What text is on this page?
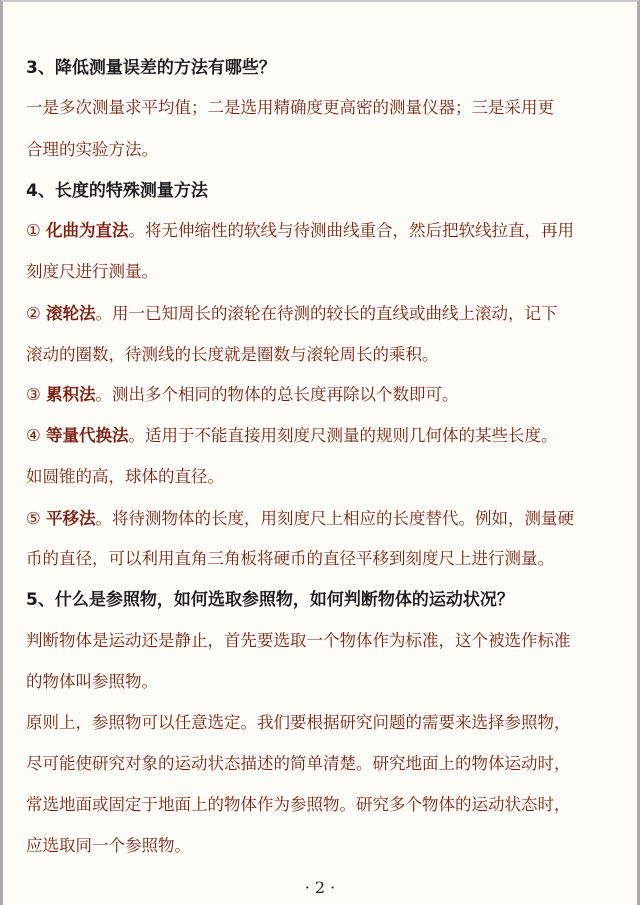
3、降低测量误差的方法有哪些？
一是多次测量求平均值；二是选用精确度更高密的测量仪器；三是采用更
合理的实验方法。
4、长度的特殊测量方法
① 化曲为直法。将无伸缩性的软线与待测曲线重合，然后把软线拉直，再用
刻度尺进行测量。
② 滚轮法。用一已知周长的滚轮在待测的较长的直线或曲线上滚动，记下
滚动的圈数，待测线的长度就是圈数与滚轮周长的乘积。
③ 累积法。测出多个相同的物体的总长度再除以个数即可。
④ 等量代换法。适用于不能直接用刻度尺测量的规则几何体的某些长度。
如圆锥的高，球体的直径。
⑤ 平移法。将待测物体的长度，用刻度尺上相应的长度替代。例如，测量硬
币的直径，可以利用直角三角板将硬币的直径平移到刻度尺上进行测量。
5、什么是参照物，如何选取参照物，如何判断物体的运动状况？
判断物体是运动还是静止，首先要选取一个物体作为标准，这个被选作标准
的物体叫参照物。
原则上，参照物可以任意选定。我们要根据研究问题的需要来选择参照物，
尽可能使研究对象的运动状态描述的简单清楚。研究地面上的物体运动时，
常选地面或固定于地面上的物体作为参照物。研究多个物体的运动状态时，
应选取同一个参照物。
· 2 ·
